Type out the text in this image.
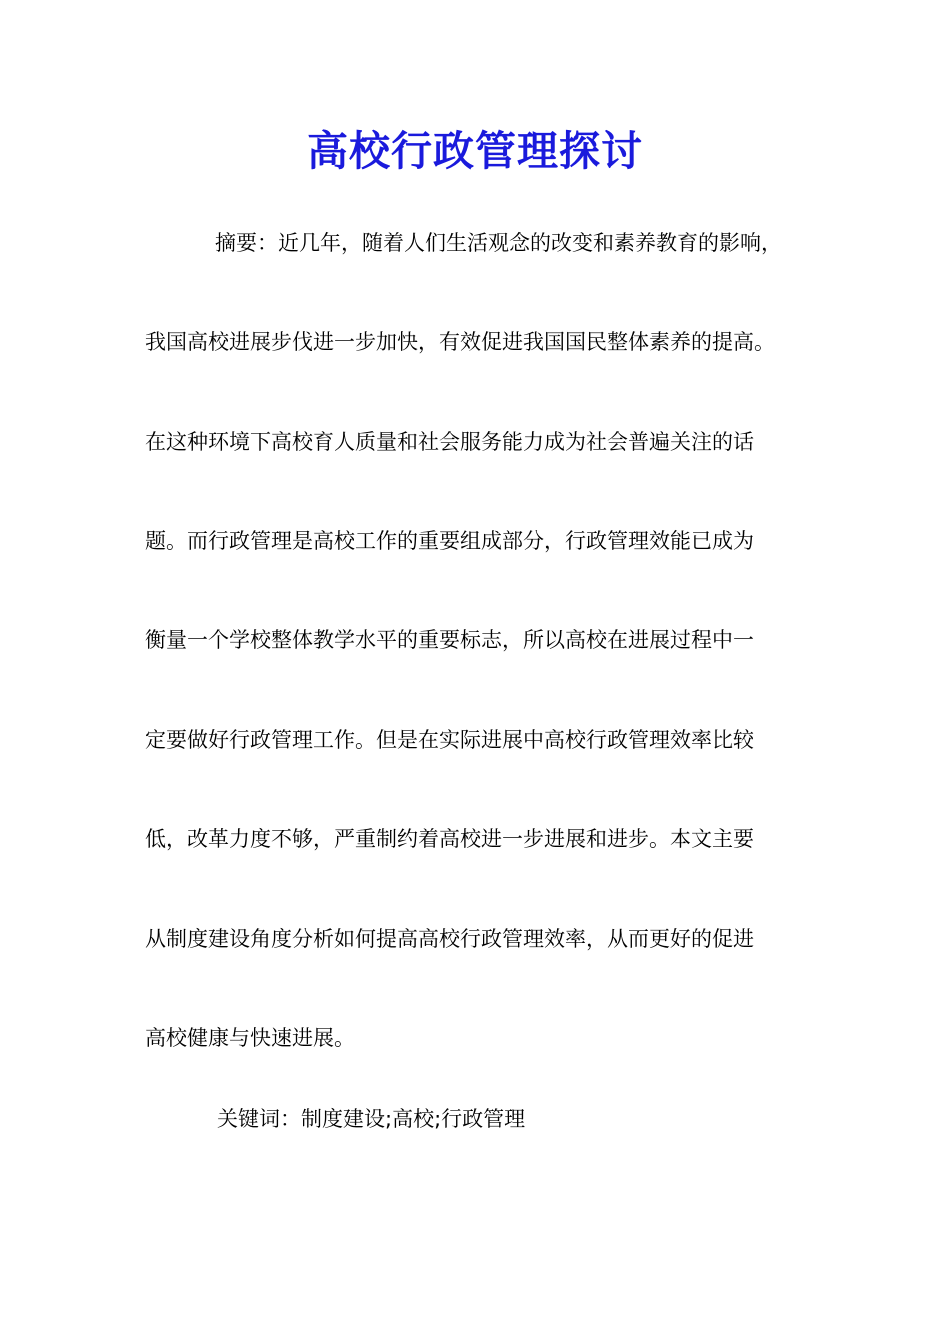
高校行政管理探讨

摘要：近几年，随着人们生活观念的改变和素养教育的影响，

我国高校进展步伐进一步加快，有效促进我国国民整体素养的提高。

在这种环境下高校育人质量和社会服务能力成为社会普遍关注的话

题。而行政管理是高校工作的重要组成部分，行政管理效能已成为

衡量一个学校整体教学水平的重要标志，所以高校在进展过程中一

定要做好行政管理工作。但是在实际进展中高校行政管理效率比较

低，改革力度不够，严重制约着高校进一步进展和进步。本文主要

从制度建设角度分析如何提高高校行政管理效率，从而更好的促进

高校健康与快速进展。

关键词：制度建设;高校;行政管理
